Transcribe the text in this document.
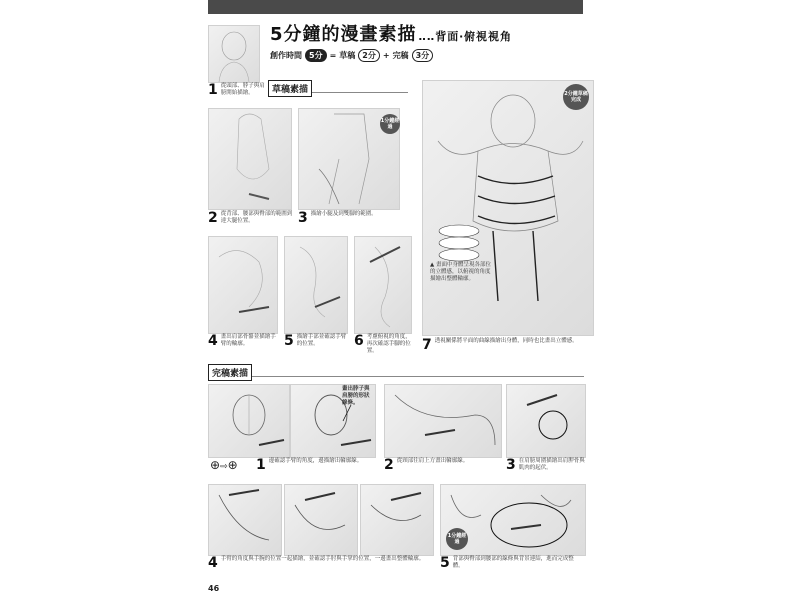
5分鐘的漫畫素描 ‥‥背面‧俯視視角
創作時間 5分 = 草稿 2分 + 完稿 3分
1 從頭部、脖子與肩膀開始描繪。	草稿素描
1分鐘經過
2 從背部、腰部與臀部的範圍到達大腿位置。	3 描繪小腿及到雙腳的範圍。
4 畫出肩部骨骼並描繪手臂的輪廓。	5 描繪手部並確認手臂的位置。	6 考慮俯視的角度，再次確認手腳的位置。
2分鐘草稿完成
▲ 畫面中身體呈現各部位的立體感，以俯視的角度描繪出整體輪廓。
7 透視關係將平面的曲線描繪出身體，同時也比畫出立體感。
完稿素描
畫出脖子與肩膀的形狀線條。
⊕⇨⊕ 1 邊確認手臂的角度，邊描繪出輪廓線。 2 從頸部往肩上方畫出輪廓線。	3 在肩膀周圍描繪出肩胛骨與肌肉的起伏。
1分鐘經過
4 手臂的角度與手腕的位置一起描繪，並確認手肘與手掌的位置，一邊畫出整體輪廓。 5 背部與臀部到腰部的線條與背景連結，進而完成整體。
46
